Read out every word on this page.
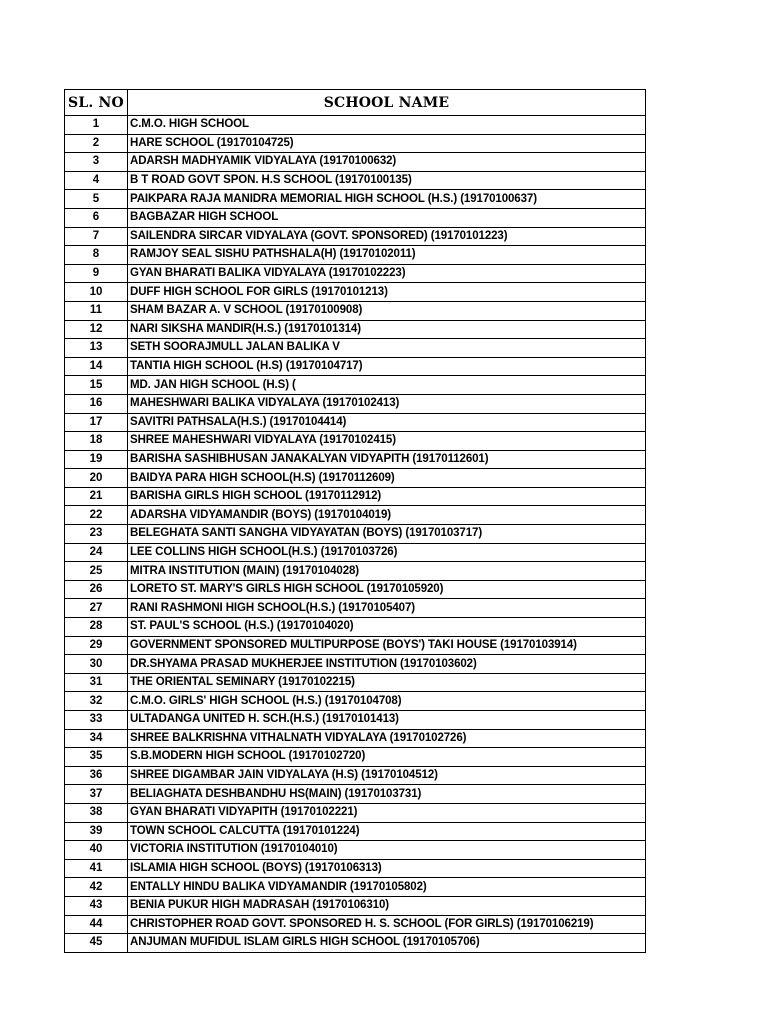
SL. NO	SCHOOL NAME
1	C.M.O. HIGH SCHOOL
2	HARE SCHOOL (19170104725)
3	ADARSH MADHYAMIK VIDYALAYA (19170100632)
4	B T ROAD GOVT SPON. H.S SCHOOL (19170100135)
5	PAIKPARA RAJA MANIDRA MEMORIAL HIGH SCHOOL (H.S.) (19170100637)
6	BAGBAZAR HIGH SCHOOL
7	SAILENDRA SIRCAR VIDYALAYA (GOVT. SPONSORED) (19170101223)
8	RAMJOY SEAL SISHU PATHSHALA(H) (19170102011)
9	GYAN BHARATI BALIKA VIDYALAYA (19170102223)
10	DUFF HIGH SCHOOL FOR GIRLS (19170101213)
11	SHAM BAZAR A. V SCHOOL (19170100908)
12	NARI SIKSHA MANDIR(H.S.) (19170101314)
13	SETH SOORAJMULL JALAN BALIKA V
14	TANTIA HIGH SCHOOL (H.S) (19170104717)
15	MD. JAN HIGH SCHOOL (H.S) (
16	MAHESHWARI BALIKA VIDYALAYA (19170102413)
17	SAVITRI PATHSALA(H.S.) (19170104414)
18	SHREE MAHESHWARI VIDYALAYA (19170102415)
19	BARISHA SASHIBHUSAN JANAKALYAN VIDYAPITH (19170112601)
20	BAIDYA PARA HIGH SCHOOL(H.S) (19170112609)
21	BARISHA GIRLS HIGH SCHOOL (19170112912)
22	ADARSHA VIDYAMANDIR (BOYS) (19170104019)
23	BELEGHATA SANTI SANGHA VIDYAYATAN (BOYS) (19170103717)
24	LEE COLLINS HIGH SCHOOL(H.S.) (19170103726)
25	MITRA INSTITUTION (MAIN) (19170104028)
26	LORETO ST. MARY'S GIRLS HIGH SCHOOL (19170105920)
27	RANI RASHMONI HIGH SCHOOL(H.S.) (19170105407)
28	ST. PAUL'S SCHOOL (H.S.) (19170104020)
29	GOVERNMENT SPONSORED MULTIPURPOSE (BOYS') TAKI HOUSE (19170103914)
30	DR.SHYAMA PRASAD MUKHERJEE INSTITUTION (19170103602)
31	THE ORIENTAL SEMINARY (19170102215)
32	C.M.O. GIRLS' HIGH SCHOOL (H.S.) (19170104708)
33	ULTADANGA UNITED H. SCH.(H.S.) (19170101413)
34	SHREE BALKRISHNA VITHALNATH VIDYALAYA (19170102726)
35	S.B.MODERN HIGH SCHOOL (19170102720)
36	SHREE DIGAMBAR JAIN VIDYALAYA (H.S) (19170104512)
37	BELIAGHATA DESHBANDHU HS(MAIN) (19170103731)
38	GYAN BHARATI VIDYAPITH (19170102221)
39	TOWN SCHOOL CALCUTTA (19170101224)
40	VICTORIA INSTITUTION (19170104010)
41	ISLAMIA HIGH SCHOOL (BOYS) (19170106313)
42	ENTALLY HINDU BALIKA VIDYAMANDIR (19170105802)
43	BENIA PUKUR HIGH MADRASAH (19170106310)
44	CHRISTOPHER ROAD GOVT. SPONSORED H. S. SCHOOL (FOR GIRLS) (19170106219)
45	ANJUMAN MUFIDUL ISLAM GIRLS HIGH SCHOOL (19170105706)
